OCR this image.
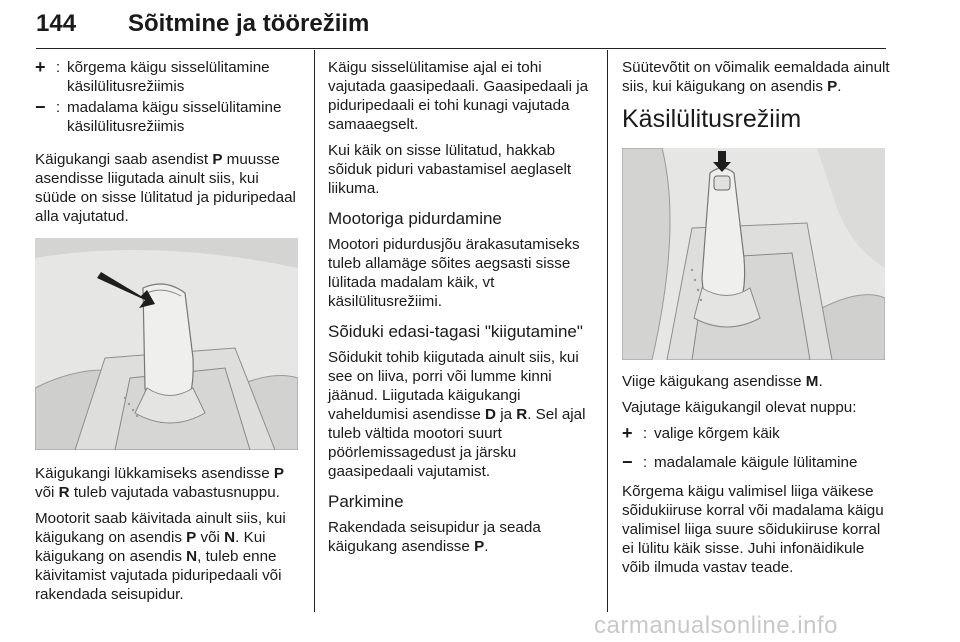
144 Sõitmine ja töörežiim
+ : kõrgema käigu sisselülitamine käsilülitusrežiimis
− : madalama käigu sisselülitamine käsilülitusrežiimis

Käigukangi saab asendist P muusse asendisse liigutada ainult siis, kui süüde on sisse lülitatud ja piduripedaal alla vajutatud.

Käigukangi lükkamiseks asendisse P või R tuleb vajutada vabastusnuppu.

Mootorit saab käivitada ainult siis, kui käigukang on asendis P või N. Kui käigukang on asendis N, tuleb enne käivitamist vajutada piduripedaali või rakendada seisupidur.

Käigu sisselülitamise ajal ei tohi vajutada gaasipedaali. Gaasipedaali ja piduripedaali ei tohi kunagi vajutada samaaegselt.

Kui käik on sisse lülitatud, hakkab sõiduk piduri vabastamisel aeglaselt liikuma.

Mootoriga pidurdamine

Mootori pidurdusjõu ärakasutamiseks tuleb allamäge sõites aegsasti sisse lülitada madalam käik, vt käsilülitusrežiimi.

Sõiduki edasi-tagasi "kiigutamine"

Sõidukit tohib kiigutada ainult siis, kui see on liiva, porri või lumme kinni jäänud. Liigutada käigukangi vaheldumisi asendisse D ja R. Sel ajal tuleb vältida mootori suurt pöörlemissagedust ja järsku gaasipedaali vajutamist.

Parkimine

Rakendada seisupidur ja seada käigukang asendisse P.

Süütevõtit on võimalik eemaldada ainult siis, kui käigukang on asendis P.

Käsilülitusrežiim

Viige käigukang asendisse M.

Vajutage käigukangil olevat nuppu:

+ : valige kõrgem käik
− : madalamale käigule lülitamine

Kõrgema käigu valimisel liiga väikese sõidukiiruse korral või madalama käigu valimisel liiga suure sõidukiiruse korral ei lülitu käik sisse. Juhi infonäidikule võib ilmuda vastav teade.

carmanualsonline.info
